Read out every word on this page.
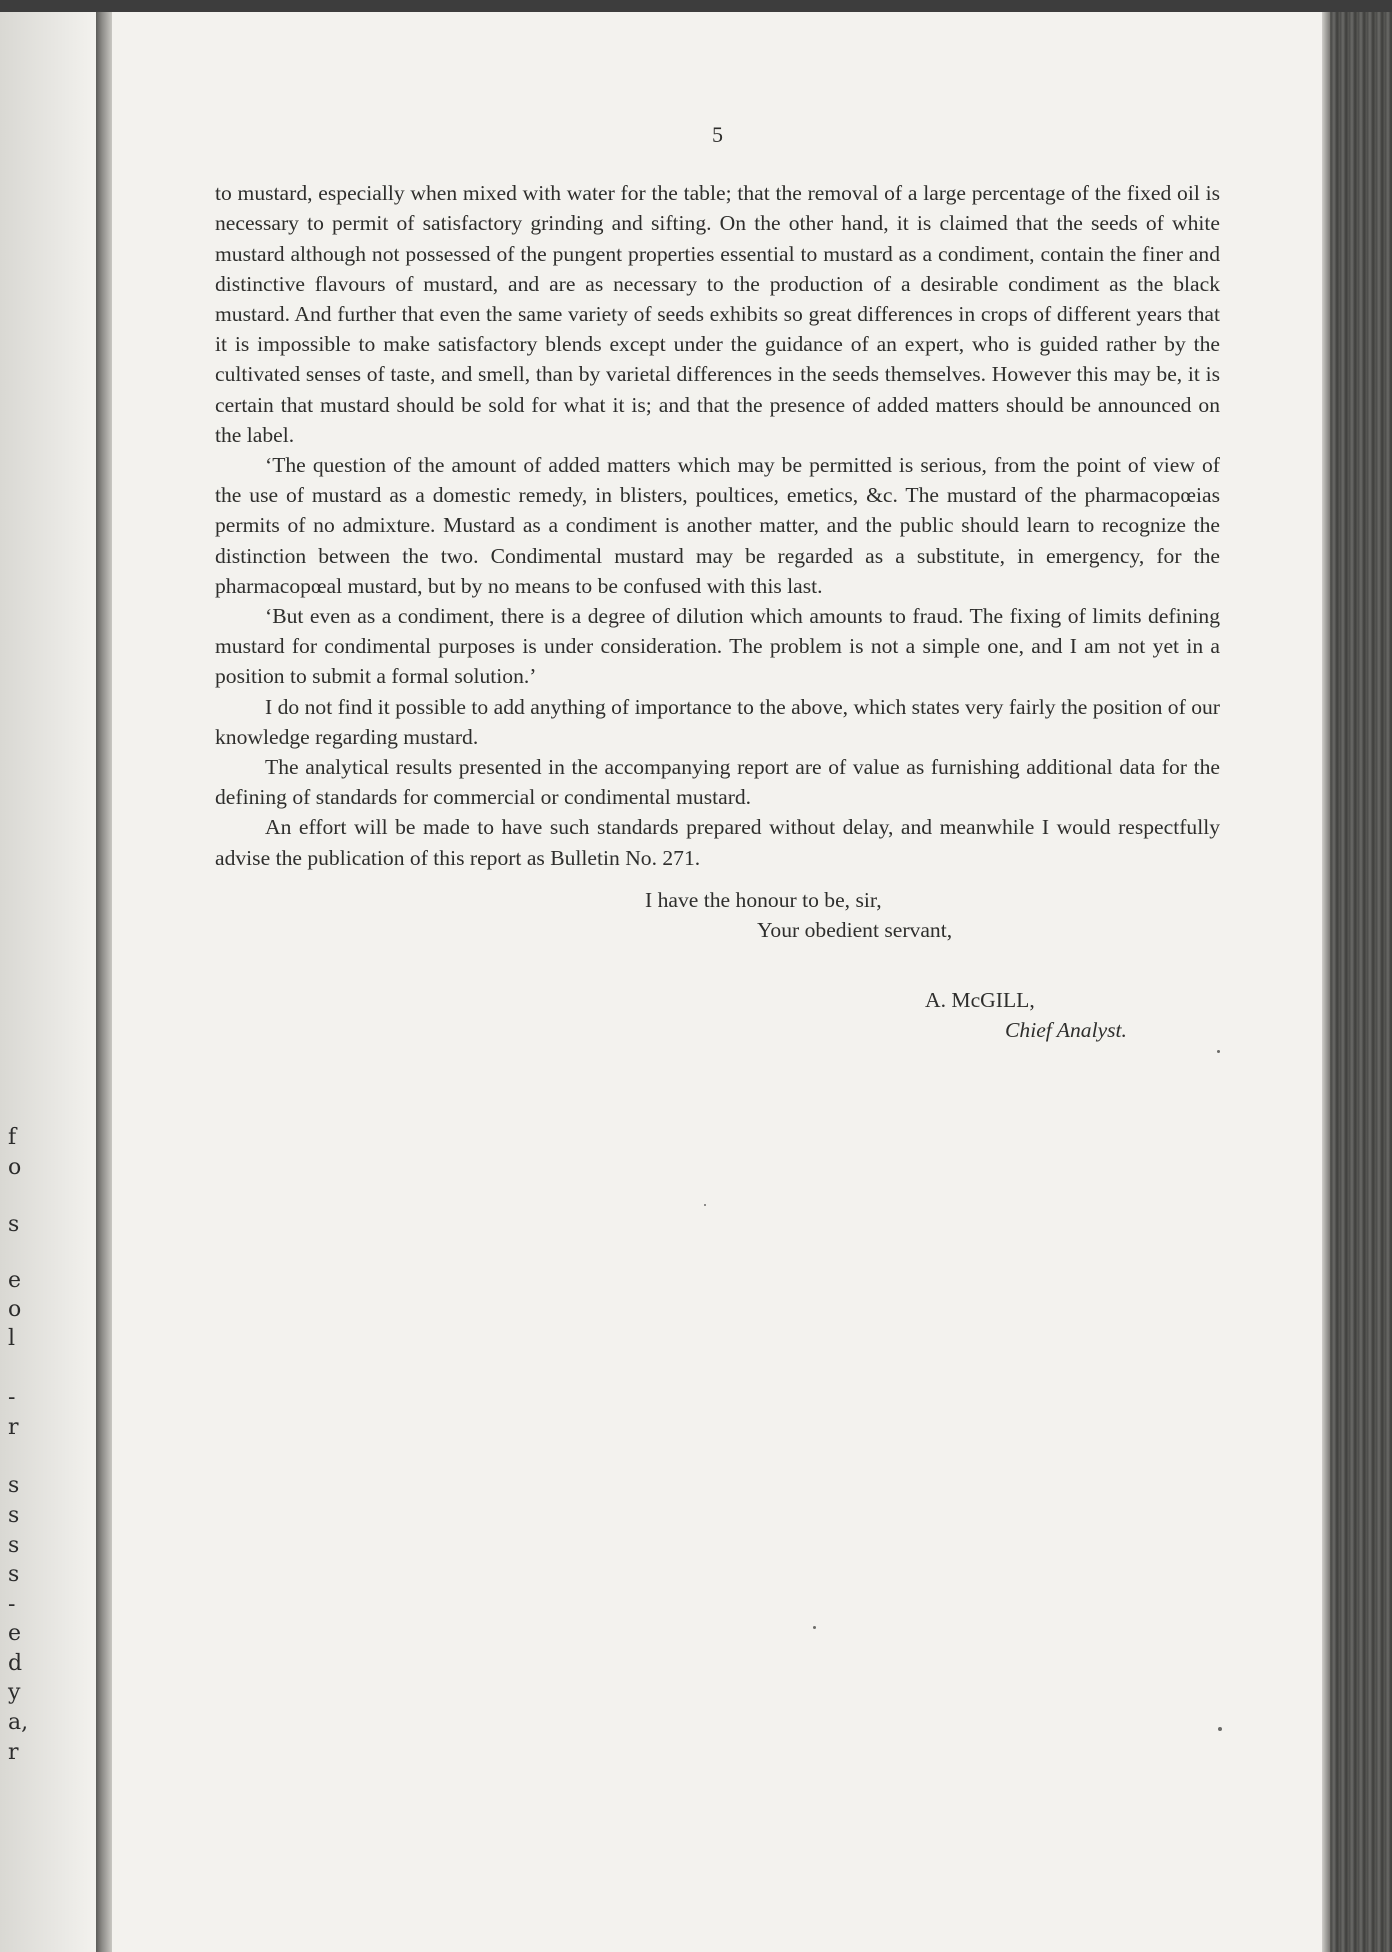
f
o
s
e
o
l
-
r
s
s
s
s
-
e
d
y
a,
r
5

to mustard, especially when mixed with water for the table; that the removal of a large percentage of the fixed oil is necessary to permit of satisfactory grinding and sifting. On the other hand, it is claimed that the seeds of white mustard although not possessed of the pungent properties essential to mustard as a condiment, contain the finer and distinctive flavours of mustard, and are as necessary to the production of a desirable condiment as the black mustard. And further that even the same variety of seeds exhibits so great differences in crops of different years that it is impossible to make satisfactory blends except under the guidance of an expert, who is guided rather by the cultivated senses of taste, and smell, than by varietal differences in the seeds themselves. However this may be, it is certain that mustard should be sold for what it is; and that the presence of added matters should be announced on the label.

‘The question of the amount of added matters which may be permitted is serious, from the point of view of the use of mustard as a domestic remedy, in blisters, poultices, emetics, &c. The mustard of the pharmacopœias permits of no admixture. Mustard as a condiment is another matter, and the public should learn to recognize the distinction between the two. Condimental mustard may be regarded as a substitute, in emergency, for the pharmacopœal mustard, but by no means to be confused with this last.

‘But even as a condiment, there is a degree of dilution which amounts to fraud. The fixing of limits defining mustard for condimental purposes is under consideration. The problem is not a simple one, and I am not yet in a position to submit a formal solution.’

I do not find it possible to add anything of importance to the above, which states very fairly the position of our knowledge regarding mustard.

The analytical results presented in the accompanying report are of value as furnishing additional data for the defining of standards for commercial or condimental mustard.

An effort will be made to have such standards prepared without delay, and meanwhile I would respectfully advise the publication of this report as Bulletin No. 271.

I have the honour to be, sir,
Your obedient servant,
A. McGILL,
Chief Analyst.
